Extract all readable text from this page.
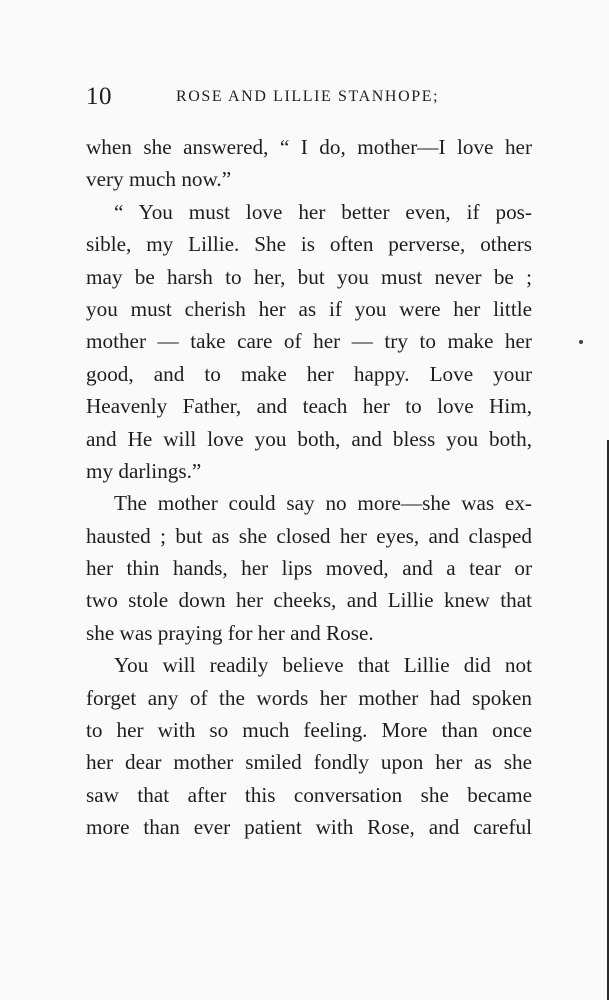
10	ROSE AND LILLIE STANHOPE;
when she answered, “ I do, mother—I love her
very much now.”
“ You must love her better even, if pos-
sible, my Lillie. She is often perverse, others
may be harsh to her, but you must never be ;
you must cherish her as if you were her little
mother — take care of her — try to make her
good, and to make her happy. Love your
Heavenly Father, and teach her to love Him,
and He will love you both, and bless you both,
my darlings.”
The mother could say no more—she was ex-
hausted ; but as she closed her eyes, and clasped
her thin hands, her lips moved, and a tear or
two stole down her cheeks, and Lillie knew that
she was praying for her and Rose.
You will readily believe that Lillie did not
forget any of the words her mother had spoken
to her with so much feeling. More than once
her dear mother smiled fondly upon her as she
saw that after this conversation she became
more than ever patient with Rose, and careful
